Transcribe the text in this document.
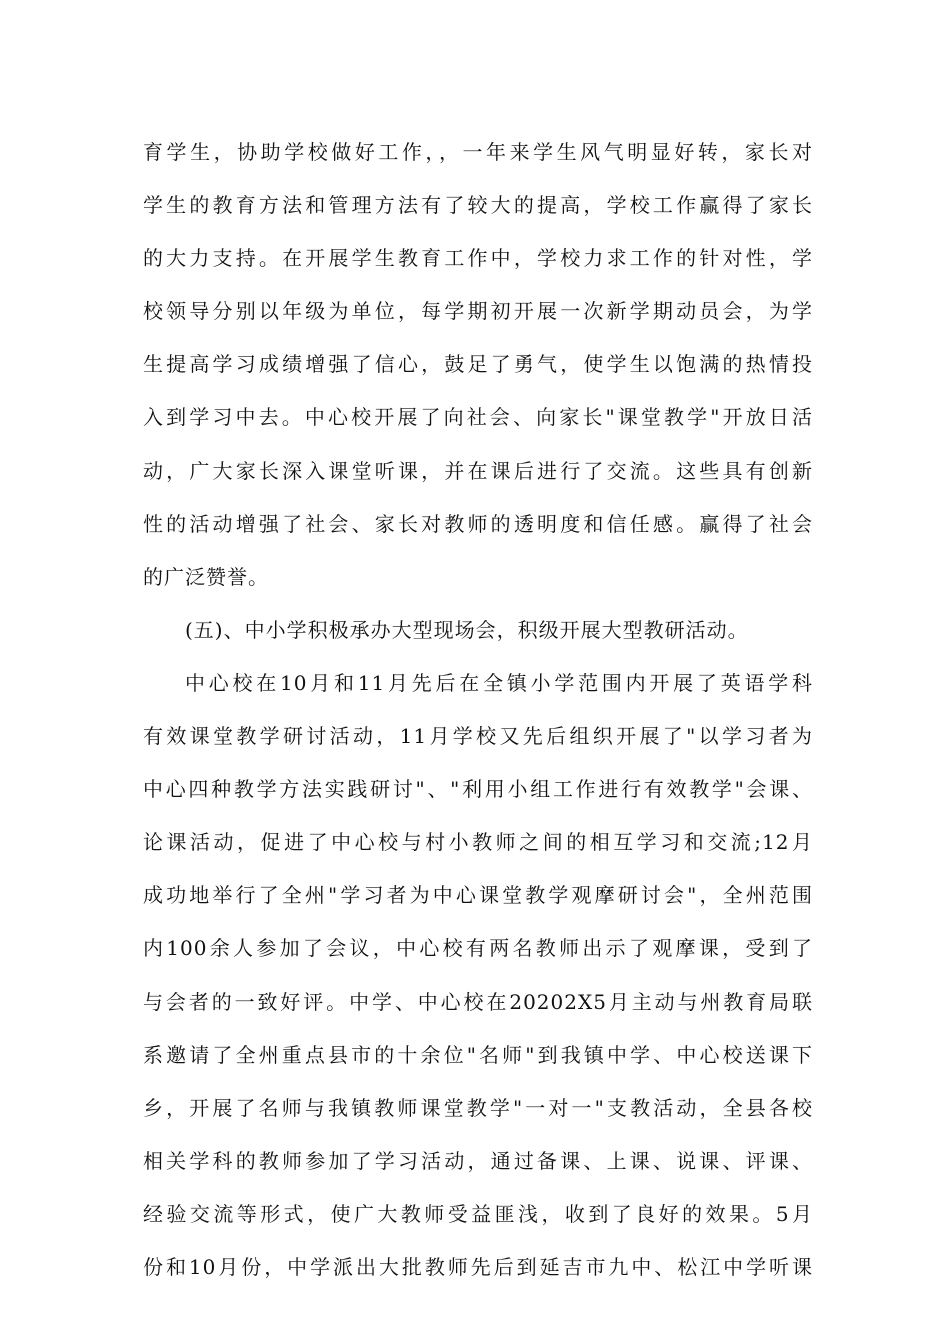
育学生，协助学校做好工作，，一年来学生风气明显好转，家长对
学生的教育方法和管理方法有了较大的提高，学校工作赢得了家长
的大力支持。在开展学生教育工作中，学校力求工作的针对性，学
校领导分别以年级为单位，每学期初开展一次新学期动员会，为学
生提高学习成绩增强了信心，鼓足了勇气，使学生以饱满的热情投
入到学习中去。中心校开展了向社会、向家长"课堂教学"开放日活
动，广大家长深入课堂听课，并在课后进行了交流。这些具有创新
性的活动增强了社会、家长对教师的透明度和信任感。赢得了社会
的广泛赞誉。
(五)、中小学积极承办大型现场会，积级开展大型教研活动。
中心校在10月和11月先后在全镇小学范围内开展了英语学科
有效课堂教学研讨活动，11月学校又先后组织开展了"以学习者为
中心四种教学方法实践研讨"、"利用小组工作进行有效教学"会课、
论课活动，促进了中心校与村小教师之间的相互学习和交流;12月
成功地举行了全州"学习者为中心课堂教学观摩研讨会"，全州范围
内100余人参加了会议，中心校有两名教师出示了观摩课，受到了
与会者的一致好评。中学、中心校在20202X5月主动与州教育局联
系邀请了全州重点县市的十余位"名师"到我镇中学、中心校送课下
乡，开展了名师与我镇教师课堂教学"一对一"支教活动，全县各校
相关学科的教师参加了学习活动，通过备课、上课、说课、评课、
经验交流等形式，使广大教师受益匪浅，收到了良好的效果。5月
份和10月份，中学派出大批教师先后到延吉市九中、松江中学听课
